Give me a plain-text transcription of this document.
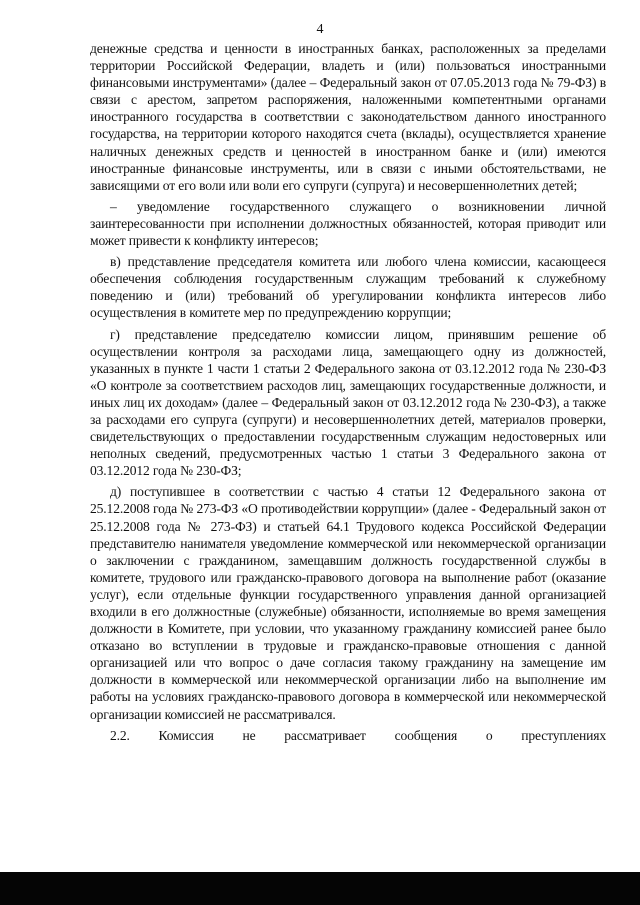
4

денежные средства и ценности в иностранных банках, расположенных за пределами территории Российской Федерации, владеть и (или) пользоваться иностранными финансовыми инструментами» (далее – Федеральный закон от 07.05.2013 года № 79-ФЗ) в связи с арестом, запретом распоряжения, наложенными компетентными органами иностранного государства в соответствии с законодательством данного иностранного государства, на территории которого находятся счета (вклады), осуществляется хранение наличных денежных средств и ценностей в иностранном банке и (или) имеются иностранные финансовые инструменты, или в связи с иными обстоятельствами, не зависящими от его воли или воли его супруги (супруга) и несовершеннолетних детей;

– уведомление государственного служащего о возникновении личной заинтересованности при исполнении должностных обязанностей, которая приводит или может привести к конфликту интересов;

в) представление председателя комитета или любого члена комиссии, касающееся обеспечения соблюдения государственным служащим требований к служебному поведению и (или) требований об урегулировании конфликта интересов либо осуществления в комитете мер по предупреждению коррупции;

г) представление председателю комиссии лицом, принявшим решение об осуществлении контроля за расходами лица, замещающего одну из должностей, указанных в пункте 1 части 1 статьи 2 Федерального закона от 03.12.2012 года № 230-ФЗ «О контроле за соответствием расходов лиц, замещающих государственные должности, и иных лиц их доходам» (далее – Федеральный закон от 03.12.2012 года № 230-ФЗ), а также за расходами его супруга (супруги) и несовершеннолетних детей, материалов проверки, свидетельствующих о предоставлении государственным служащим недостоверных или неполных сведений, предусмотренных частью 1 статьи 3 Федерального закона от 03.12.2012 года № 230-ФЗ;

д) поступившее в соответствии с частью 4 статьи 12 Федерального закона от 25.12.2008 года № 273-ФЗ «О противодействии коррупции» (далее - Федеральный закон от 25.12.2008 года № 273-ФЗ) и статьей 64.1 Трудового кодекса Российской Федерации представителю нанимателя уведомление коммерческой или некоммерческой организации о заключении с гражданином, замещавшим должность государственной службы в комитете, трудового или гражданско-правового договора на выполнение работ (оказание услуг), если отдельные функции государственного управления данной организацией входили в его должностные (служебные) обязанности, исполняемые во время замещения должности в Комитете, при условии, что указанному гражданину комиссией ранее было отказано во вступлении в трудовые и гражданско-правовые отношения с данной организацией или что вопрос о даче согласия такому гражданину на замещение им должности в коммерческой или некоммерческой организации либо на выполнение им работы на условиях гражданско-правового договора в коммерческой или некоммерческой организации комиссией не рассматривался.

2.2. Комиссия не рассматривает сообщения о преступлениях
